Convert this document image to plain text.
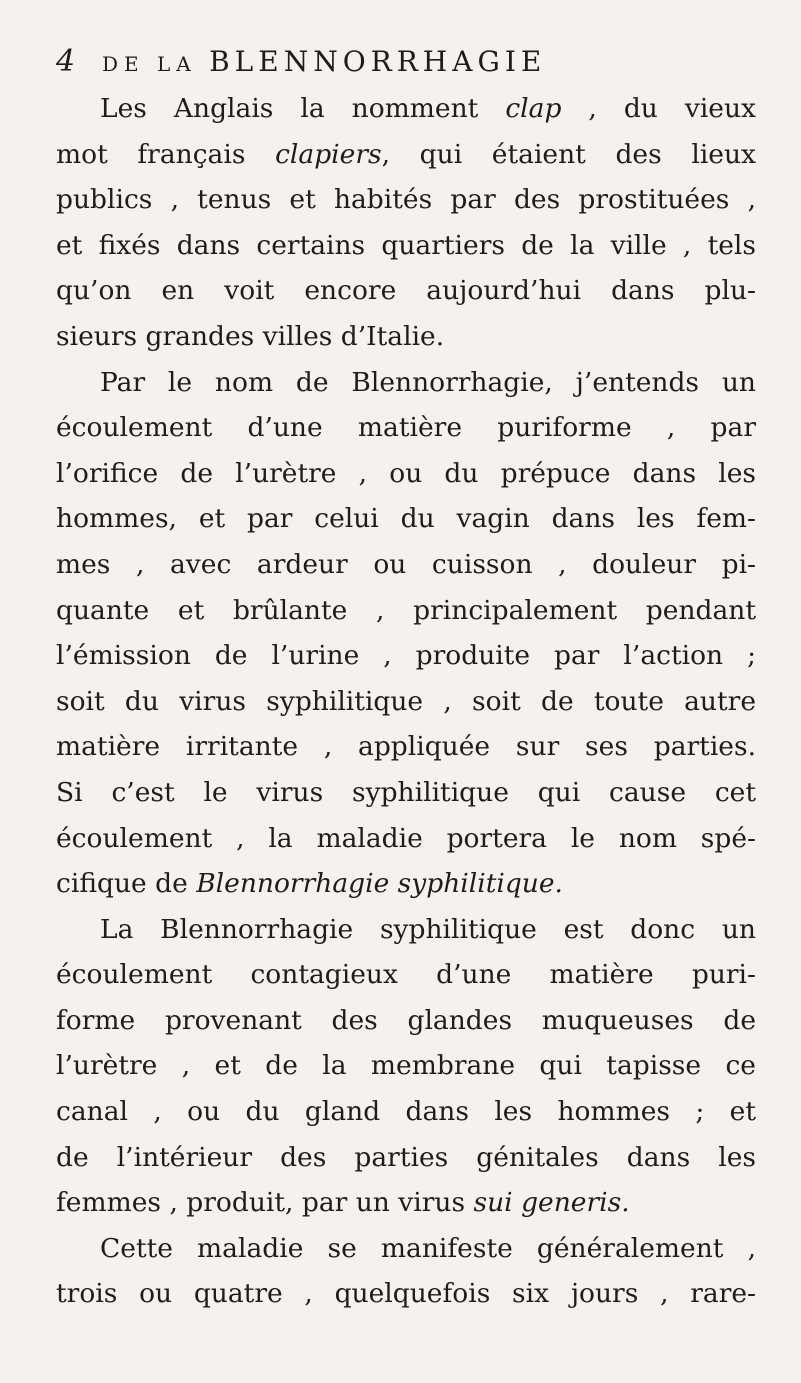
4 DE LA BLENNORRHAGIE
Les Anglais la nomment clap , du vieux
mot français clapiers, qui étaient des lieux
publics , tenus et habités par des prostituées ,
et fixés dans certains quartiers de la ville , tels
qu’on en voit encore aujourd’hui dans plu-
sieurs grandes villes d’Italie.
Par le nom de Blennorrhagie, j’entends un
écoulement d’une matière puriforme , par
l’orifice de l’urètre , ou du prépuce dans les
hommes, et par celui du vagin dans les fem-
mes , avec ardeur ou cuisson , douleur pi-
quante et brûlante , principalement pendant
l’émission de l’urine , produite par l’action ;
soit du virus syphilitique , soit de toute autre
matière irritante , appliquée sur ses parties.
Si c’est le virus syphilitique qui cause cet
écoulement , la maladie portera le nom spé-
cifique de Blennorrhagie syphilitique.
La Blennorrhagie syphilitique est donc un
écoulement contagieux d’une matière puri-
forme provenant des glandes muqueuses de
l’urètre , et de la membrane qui tapisse ce
canal , ou du gland dans les hommes ; et
de l’intérieur des parties génitales dans les
femmes , produit, par un virus sui generis.
Cette maladie se manifeste généralement ,
trois ou quatre , quelquefois six jours , rare-
